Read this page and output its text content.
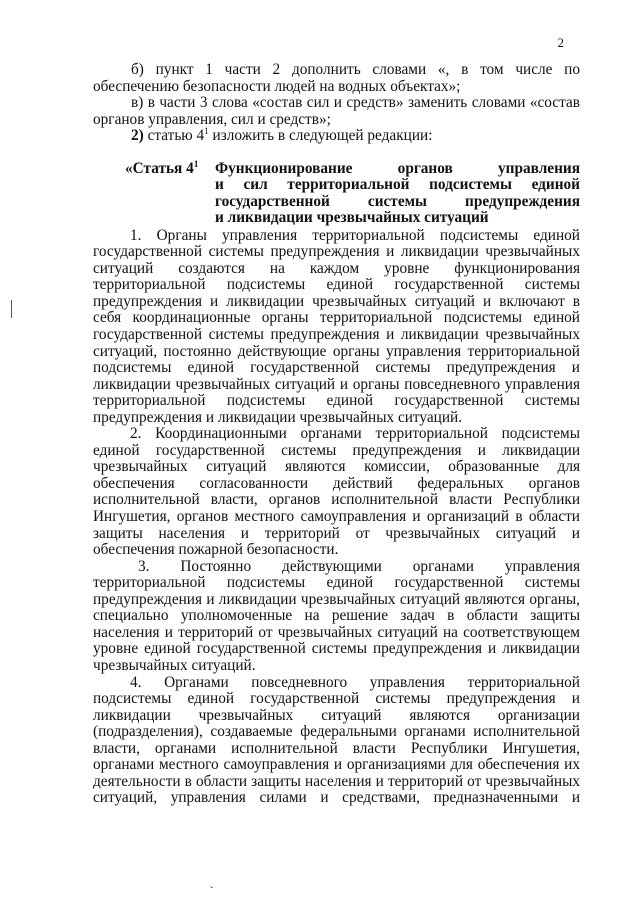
2
б) пункт 1 части 2 дополнить словами «, в том числе по обеспечению безопасности людей на водных объектах»;
в) в части 3 слова «состав сил и средств» заменить словами «состав органов управления, сил и средств»;
2) статью $4^1$ изложить в следующей редакции:
«Статья $4^1$ Функционирование органов управления
и сил территориальной подсистемы единой
государственной системы предупреждения
и ликвидации чрезвычайных ситуаций
1. Органы управления территориальной подсистемы единой государственной системы предупреждения и ликвидации чрезвычайных ситуаций создаются на каждом уровне функционирования территориальной подсистемы единой государственной системы предупреждения и ликвидации чрезвычайных ситуаций и включают в себя координационные органы территориальной подсистемы единой государственной системы предупреждения и ликвидации чрезвычайных ситуаций, постоянно действующие органы управления территориальной подсистемы единой государственной системы предупреждения и ликвидации чрезвычайных ситуаций и органы повседневного управления территориальной подсистемы единой государственной системы предупреждения и ликвидации чрезвычайных ситуаций.
2. Координационными органами территориальной подсистемы единой государственной системы предупреждения и ликвидации чрезвычайных ситуаций являются комиссии, образованные для обеспечения согласованности действий федеральных органов исполнительной власти, органов исполнительной власти Республики Ингушетия, органов местного самоуправления и организаций в области защиты населения и территорий от чрезвычайных ситуаций и обеспечения пожарной безопасности.
3. Постоянно действующими органами управления территориальной подсистемы единой государственной системы предупреждения и ликвидации чрезвычайных ситуаций являются органы, специально уполномоченные на решение задач в области защиты населения и территорий от чрезвычайных ситуаций на соответствующем уровне единой государственной системы предупреждения и ликвидации чрезвычайных ситуаций.
4. Органами повседневного управления территориальной подсистемы единой государственной системы предупреждения и ликвидации чрезвычайных ситуаций являются организации (подразделения), создаваемые федеральными органами исполнительной власти, органами исполнительной власти Республики Ингушетия, органами местного самоуправления и организациями для обеспечения их деятельности в области защиты населения и территорий от чрезвычайных ситуаций, управления силами и средствами, предназначенными и
ˇ
